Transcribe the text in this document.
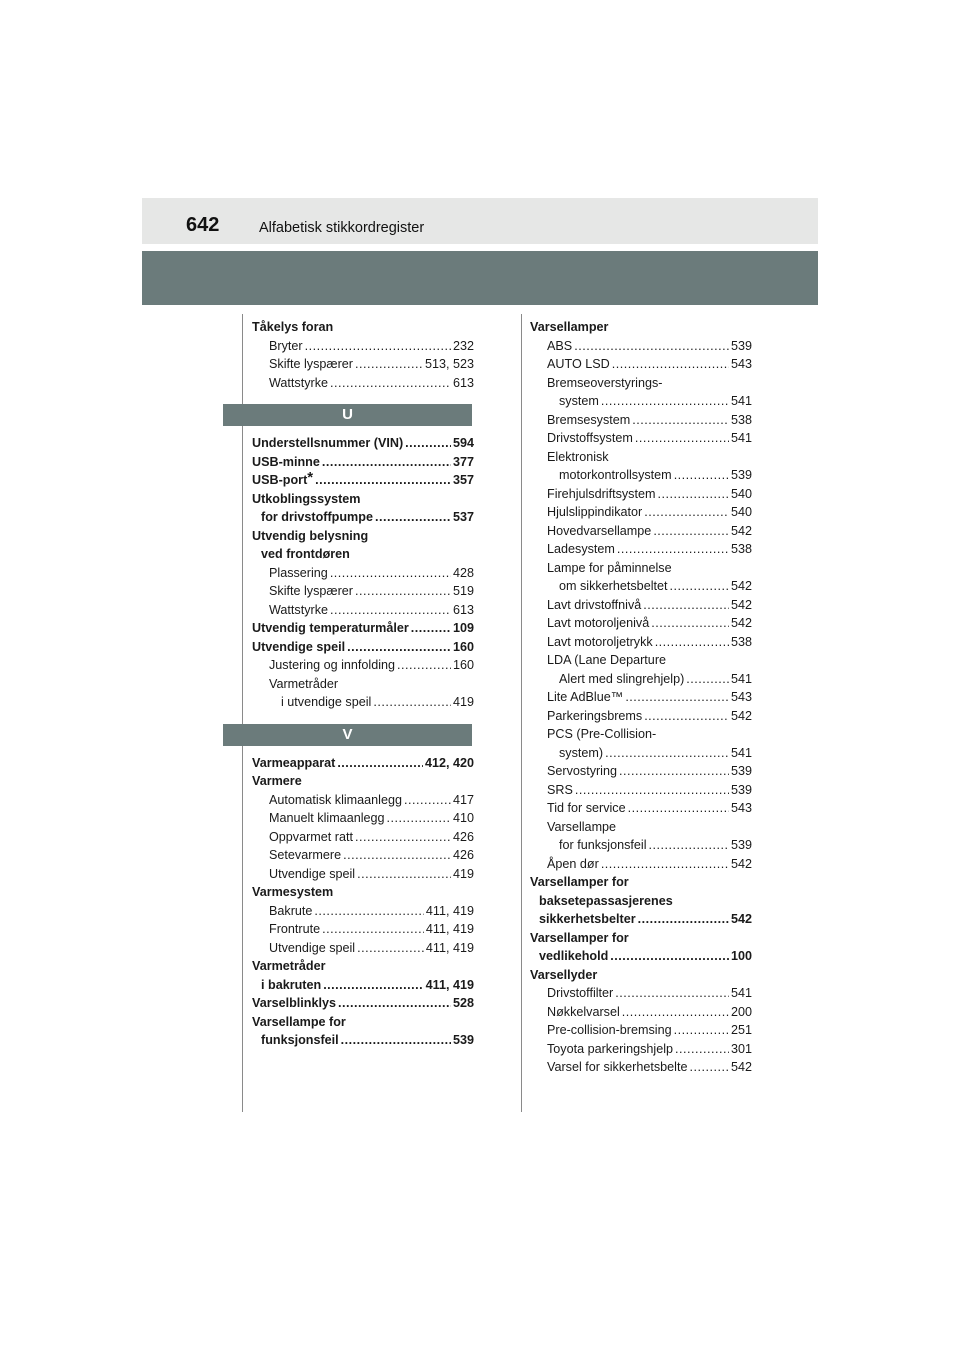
642	Alfabetisk stikkordregister
Tåkelys foran
Bryter .....	232
Skifte lyspærer .....	513, 523
Wattstyrke .....	613
U
Understellsnummer (VIN) .....	594
USB-minne .....	377
USB-port* .....	357
Utkoblingssystem
for drivstoffpumpe .....	537
Utvendig belysning
ved frontdøren
Plassering .....	428
Skifte lyspærer .....	519
Wattstyrke .....	613
Utvendig temperaturmåler .....	109
Utvendige speil .....	160
Justering og innfolding .....	160
Varmetråder
i utvendige speil .....	419
V
Varmeapparat .....	412, 420
Varmere
Automatisk klimaanlegg .....	417
Manuelt klimaanlegg .....	410
Oppvarmet ratt .....	426
Setevarmere .....	426
Utvendige speil .....	419
Varmesystem
Bakrute .....	411, 419
Frontrute .....	411, 419
Utvendige speil .....	411, 419
Varmetråder
i bakruten .....	411, 419
Varselblinklys .....	528
Varsellampe for
funksjonsfeil .....	539
Varsellamper
ABS .....	539
AUTO LSD .....	543
Bremseoverstyrings-
system .....	541
Bremsesystem .....	538
Drivstoffsystem .....	541
Elektronisk
motorkontrollsystem .....	539
Firehjulsdriftsystem .....	540
Hjulslippindikator .....	540
Hovedvarsellampe .....	542
Ladesystem .....	538
Lampe for påminnelse
om sikkerhetsbeltet .....	542
Lavt drivstoffnivå .....	542
Lavt motoroljenivå .....	542
Lavt motoroljetrykk .....	538
LDA (Lane Departure
Alert med slingrehjelp) .....	541
Lite AdBlue™ .....	543
Parkeringsbrems .....	542
PCS (Pre-Collision-
system) .....	541
Servostyring .....	539
SRS .....	539
Tid for service .....	543
Varsellampe
for funksjonsfeil .....	539
Åpen dør .....	542
Varsellamper for
baksetepassasjerenes
sikkerhetsbelter .....	542
Varsellamper for
vedlikehold .....	100
Varsellyder
Drivstoffilter .....	541
Nøkkelvarsel .....	200
Pre-collision-bremsing .....	251
Toyota parkeringshjelp .....	301
Varsel for sikkerhetsbelte .....	542
